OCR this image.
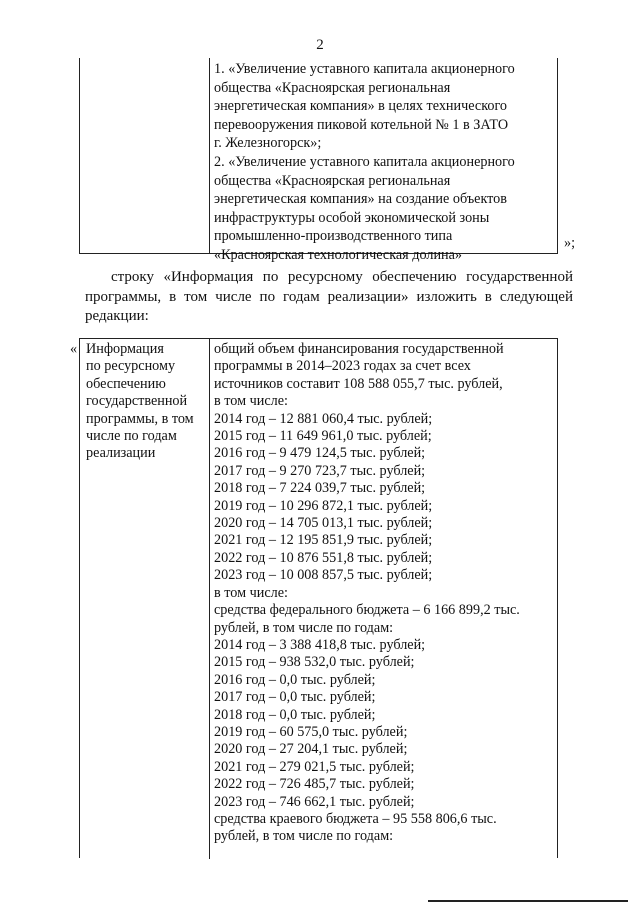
2
1. «Увеличение уставного капитала акционерного
общества «Красноярская региональная
энергетическая компания» в целях технического
перевооружения пиковой котельной № 1 в ЗАТО
г. Железногорск»;
2. «Увеличение уставного капитала акционерного
общества «Красноярская региональная
энергетическая компания» на создание объектов
инфраструктуры особой экономической зоны
промышленно-производственного типа
«Красноярская технологическая долина»
»;
строку «Информация по ресурсному обеспечению государственной программы, в том числе по годам реализации» изложить в следующей редакции:
« Информация
по ресурсному
обеспечению
государственной
программы, в том
числе по годам
реализации
общий объем финансирования государственной
программы в 2014–2023 годах за счет всех
источников составит 108 588 055,7 тыс. рублей,
в том числе:
2014 год – 12 881 060,4 тыс. рублей;
2015 год – 11 649 961,0 тыс. рублей;
2016 год – 9 479 124,5 тыс. рублей;
2017 год – 9 270 723,7 тыс. рублей;
2018 год – 7 224 039,7 тыс. рублей;
2019 год – 10 296 872,1 тыс. рублей;
2020 год – 14 705 013,1 тыс. рублей;
2021 год – 12 195 851,9 тыс. рублей;
2022 год – 10 876 551,8 тыс. рублей;
2023 год – 10 008 857,5 тыс. рублей;
в том числе:
средства федерального бюджета – 6 166 899,2 тыс.
рублей, в том числе по годам:
2014 год – 3 388 418,8 тыс. рублей;
2015 год – 938 532,0 тыс. рублей;
2016 год – 0,0 тыс. рублей;
2017 год – 0,0 тыс. рублей;
2018 год – 0,0 тыс. рублей;
2019 год – 60 575,0 тыс. рублей;
2020 год – 27 204,1 тыс. рублей;
2021 год – 279 021,5 тыс. рублей;
2022 год – 726 485,7 тыс. рублей;
2023 год – 746 662,1 тыс. рублей;
средства краевого бюджета – 95 558 806,6 тыс.
рублей, в том числе по годам:
